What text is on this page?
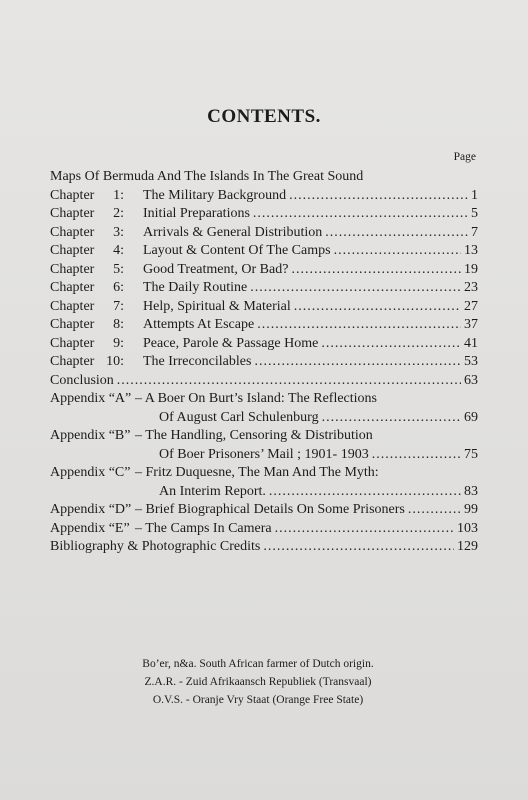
CONTENTS.
Page
Maps Of Bermuda And The Islands In The Great Sound
Chapter	1: The Military Background .....	1
Chapter	2: Initial Preparations .....	5
Chapter	3: Arrivals & General Distribution .....	7
Chapter	4: Layout & Content Of The Camps .....	13
Chapter	5: Good Treatment, Or Bad? .....	19
Chapter	6: The Daily Routine .....	23
Chapter	7: Help, Spiritual & Material .....	27
Chapter	8: Attempts At Escape .....	37
Chapter	9: Peace, Parole & Passage Home .....	41
Chapter 10: The Irreconcilables .....	53
Conclusion .....	63
Appendix “A” – A Boer On Burt’s Island: The Reflections
Of August Carl Schulenburg .....	69
Appendix “B” – The Handling, Censoring & Distribution
Of Boer Prisoners’ Mail ; 1901- 1903 .....	75
Appendix “C” – Fritz Duquesne, The Man And The Myth:
An Interim Report. .....	83
Appendix “D” – Brief Biographical Details On Some Prisoners .....	99
Appendix “E” – The Camps In Camera .....	103
Bibliography & Photographic Credits .....	129
Bo’er, n&a. South African farmer of Dutch origin.
Z.A.R. - Zuid Afrikaansch Republiek (Transvaal)
O.V.S. - Oranje Vry Staat (Orange Free State)
